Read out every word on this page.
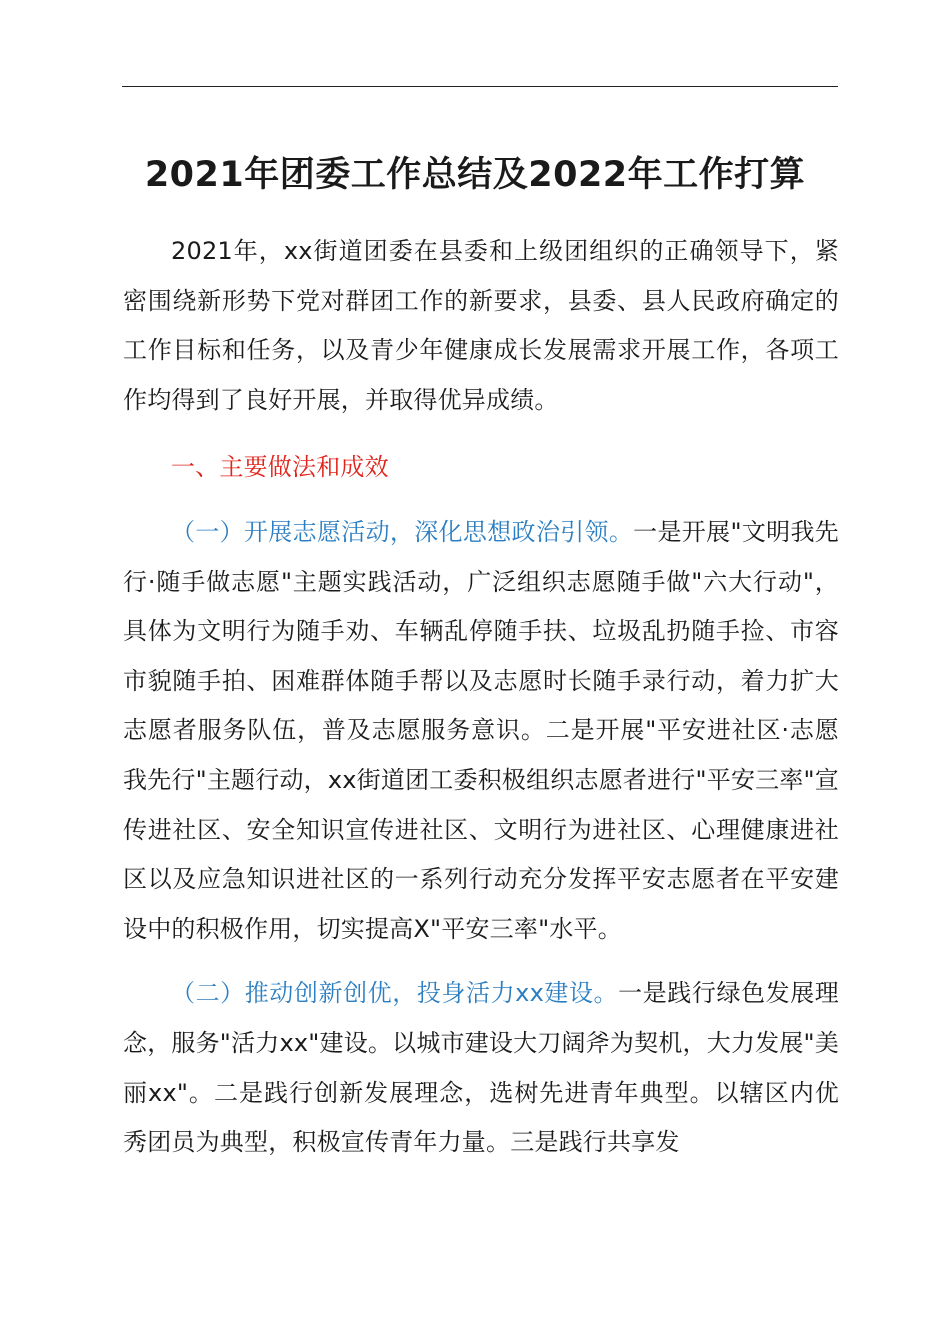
2021年团委工作总结及2022年工作打算

2021年，xx街道团委在县委和上级团组织的正确领导下，紧密围绕新形势下党对群团工作的新要求，县委、县人民政府确定的工作目标和任务，以及青少年健康成长发展需求开展工作，各项工作均得到了良好开展，并取得优异成绩。

一、主要做法和成效

（一）开展志愿活动，深化思想政治引领。一是开展"文明我先行·随手做志愿"主题实践活动，广泛组织志愿随手做"六大行动"，具体为文明行为随手劝、车辆乱停随手扶、垃圾乱扔随手捡、市容市貌随手拍、困难群体随手帮以及志愿时长随手录行动，着力扩大志愿者服务队伍，普及志愿服务意识。二是开展"平安进社区·志愿我先行"主题行动，xx街道团工委积极组织志愿者进行"平安三率"宣传进社区、安全知识宣传进社区、文明行为进社区、心理健康进社区以及应急知识进社区的一系列行动充分发挥平安志愿者在平安建设中的积极作用，切实提高X"平安三率"水平。

（二）推动创新创优，投身活力xx建设。一是践行绿色发展理念，服务"活力xx"建设。以城市建设大刀阔斧为契机，大力发展"美丽xx"。二是践行创新发展理念，选树先进青年典型。以辖区内优秀团员为典型，积极宣传青年力量。三是践行共享发
